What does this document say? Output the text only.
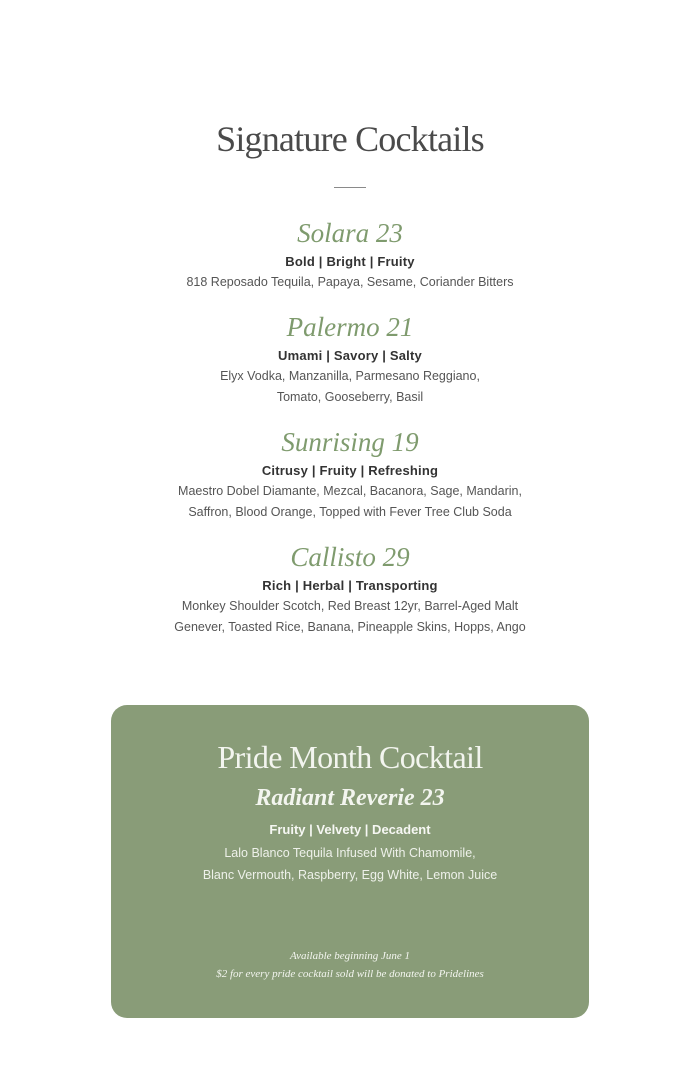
Signature Cocktails
Solara 23
Bold | Bright | Fruity
818 Reposado Tequila, Papaya, Sesame, Coriander Bitters
Palermo 21
Umami | Savory | Salty
Elyx Vodka, Manzanilla, Parmesano Reggiano,
Tomato, Gooseberry, Basil
Sunrising 19
Citrusy | Fruity | Refreshing
Maestro Dobel Diamante, Mezcal, Bacanora, Sage, Mandarin,
Saffron, Blood Orange, Topped with Fever Tree Club Soda
Callisto 29
Rich | Herbal | Transporting
Monkey Shoulder Scotch, Red Breast 12yr, Barrel-Aged Malt
Genever, Toasted Rice, Banana, Pineapple Skins, Hopps, Ango
Pride Month Cocktail
Radiant Reverie 23
Fruity | Velvety | Decadent
Lalo Blanco Tequila Infused With Chamomile,
Blanc Vermouth, Raspberry, Egg White, Lemon Juice
Available beginning June 1
$2 for every pride cocktail sold will be donated to Pridelines
